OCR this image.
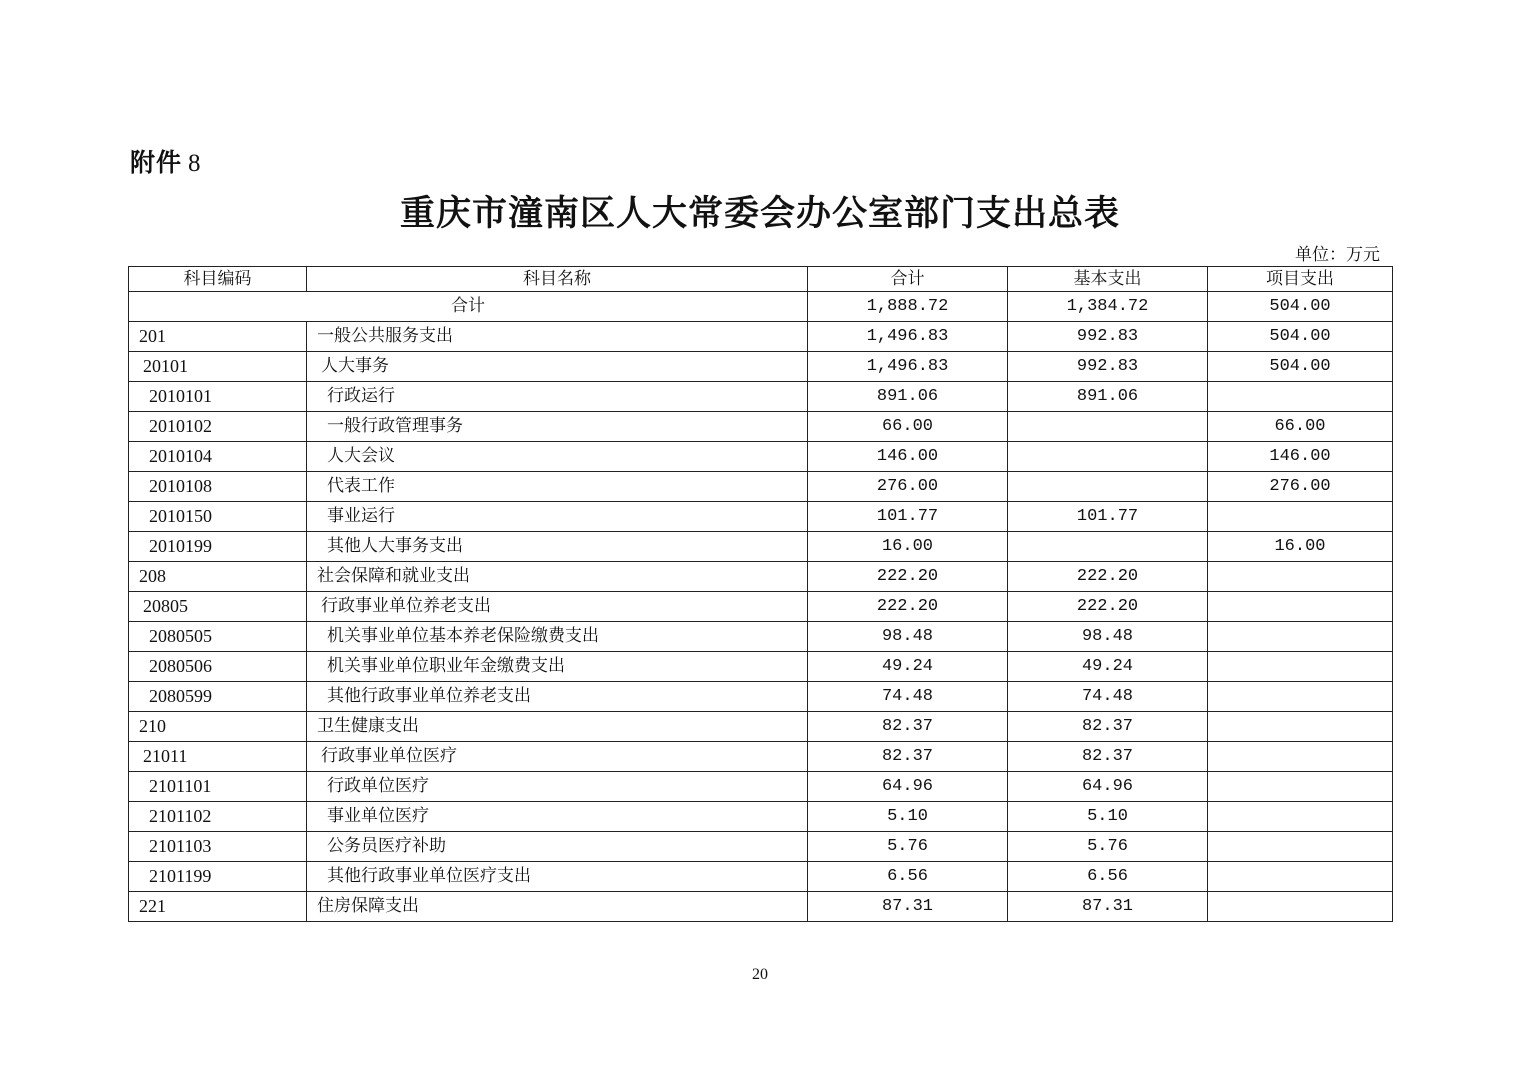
附件 8
重庆市潼南区人大常委会办公室部门支出总表
单位：万元
科目编码	科目名称	合计	基本支出	项目支出
合计		1,888.72	1,384.72	504.00
201	一般公共服务支出	1,496.83	992.83	504.00
20101	人大事务	1,496.83	992.83	504.00
2010101	行政运行	891.06	891.06	
2010102	一般行政管理事务	66.00		66.00
2010104	人大会议	146.00		146.00
2010108	代表工作	276.00		276.00
2010150	事业运行	101.77	101.77	
2010199	其他人大事务支出	16.00		16.00
208	社会保障和就业支出	222.20	222.20	
20805	行政事业单位养老支出	222.20	222.20	
2080505	机关事业单位基本养老保险缴费支出	98.48	98.48	
2080506	机关事业单位职业年金缴费支出	49.24	49.24	
2080599	其他行政事业单位养老支出	74.48	74.48	
210	卫生健康支出	82.37	82.37	
21011	行政事业单位医疗	82.37	82.37	
2101101	行政单位医疗	64.96	64.96	
2101102	事业单位医疗	5.10	5.10	
2101103	公务员医疗补助	5.76	5.76	
2101199	其他行政事业单位医疗支出	6.56	6.56	
221	住房保障支出	87.31	87.31	
20
